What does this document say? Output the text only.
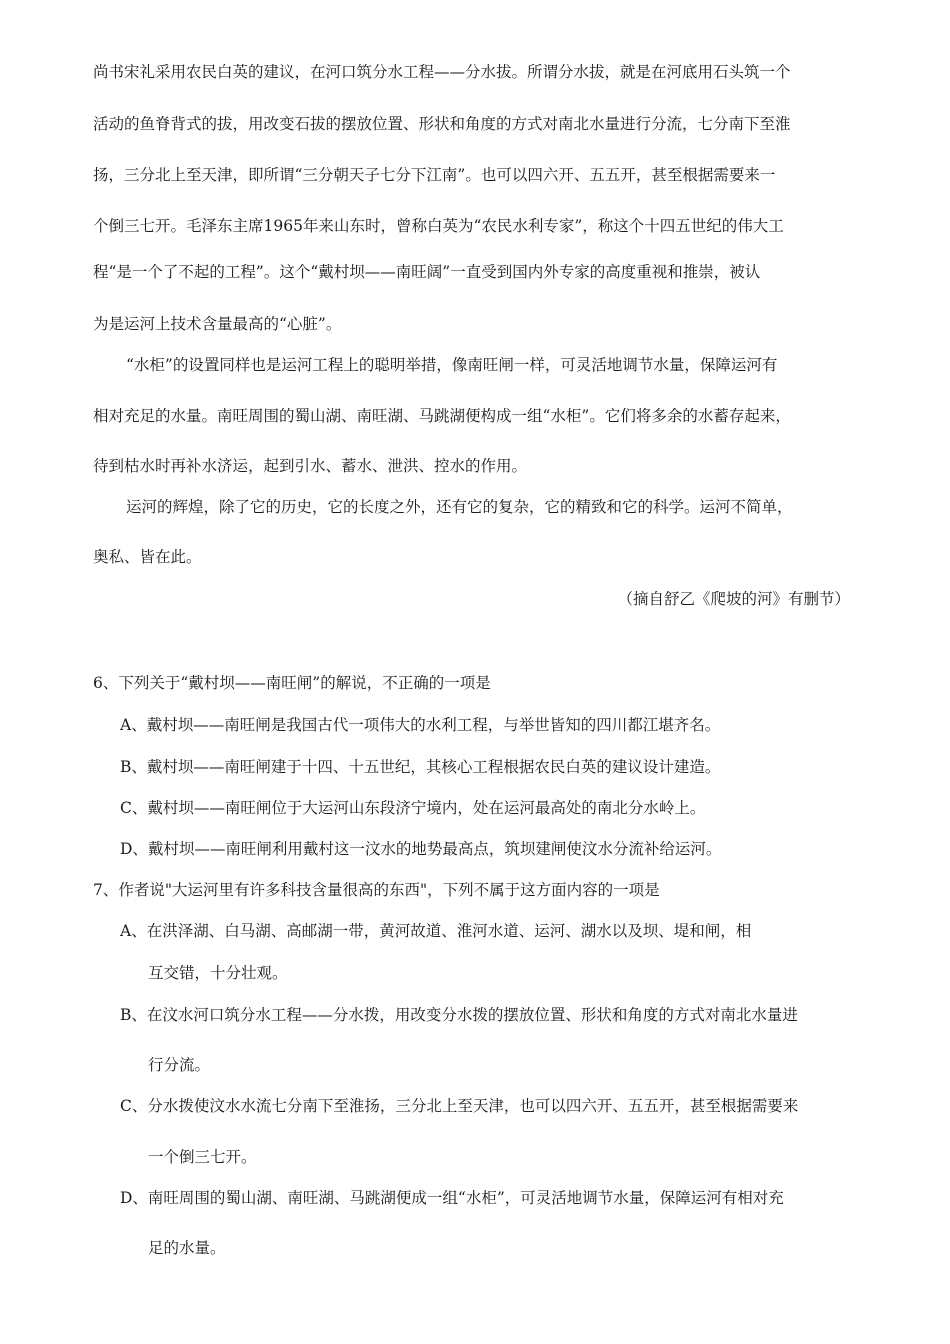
尚书宋礼采用农民白英的建议，在河口筑分水工程——分水拔。所谓分水拔，就是在河底用石头筑一个
活动的鱼脊背式的拔，用改变石拔的摆放位置、形状和角度的方式对南北水量进行分流，七分南下至淮
扬，三分北上至天津，即所谓“三分朝天子七分下江南”。也可以四六开、五五开，甚至根据需要来一
个倒三七开。毛泽东主席1965年来山东时，曾称白英为“农民水利专家”，称这个十四五世纪的伟大工
程“是一个了不起的工程”。这个“戴村坝——南旺阔”一直受到国内外专家的高度重视和推崇，被认
为是运河上技术含量最高的“心脏”。
“水柜”的设置同样也是运河工程上的聪明举措，像南旺闸一样，可灵活地调节水量，保障运河有
相对充足的水量。南旺周围的蜀山湖、南旺湖、马跳湖便构成一组“水柜”。它们将多余的水蓄存起来，
待到枯水时再补水济运，起到引水、蓄水、泄洪、控水的作用。
运河的辉煌，除了它的历史，它的长度之外，还有它的复杂，它的精致和它的科学。运河不简单，
奥私、皆在此。
（摘自舒乙《爬坡的河》有删节）
6、下列关于“戴村坝——南旺闸”的解说，不正确的一项是
A、戴村坝——南旺闸是我国古代一项伟大的水利工程，与举世皆知的四川都江堪齐名。
B、戴村坝——南旺闸建于十四、十五世纪，其核心工程根据农民白英的建议设计建造。
C、戴村坝——南旺闸位于大运河山东段济宁境内，处在运河最高处的南北分水岭上。
D、戴村坝——南旺闸利用戴村这一汶水的地势最高点，筑坝建闸使汶水分流补给运河。
7、作者说"大运河里有许多科技含量很高的东西"，下列不属于这方面内容的一项是
A、在洪泽湖、白马湖、高邮湖一带，黄河故道、淮河水道、运河、湖水以及坝、堤和闸，相
互交错，十分壮观。
B、在汶水河口筑分水工程——分水拨，用改变分水拨的摆放位置、形状和角度的方式对南北水量进
行分流。
C、分水拨使汶水水流七分南下至淮扬，三分北上至天津，也可以四六开、五五开，甚至根据需要来
一个倒三七开。
D、南旺周围的蜀山湖、南旺湖、马跳湖便成一组“水柜”，可灵活地调节水量，保障运河有相对充
足的水量。
